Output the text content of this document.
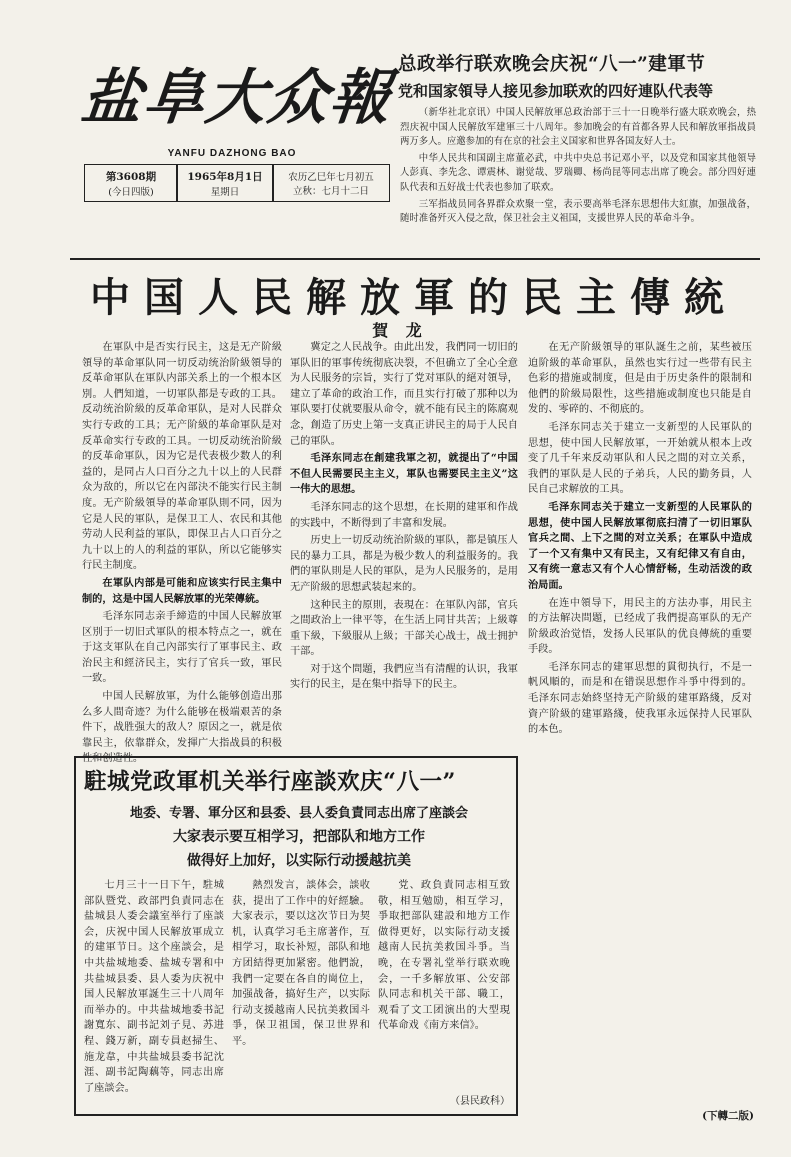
盐阜大众報
YANFU DAZHONG BAO
第3608期
(今日四版)
1965年8月1日
星期日
农历乙巳年七月初五
立秋：七月十二日
总政举行联欢晚会庆祝“八一”建軍节
党和国家領导人接见参加联欢的四好連队代表等

（新华社北京讯）中国人民解放軍总政治部于三十一日晚举行盛大联欢晚会，热烈庆祝中国人民解放军建軍三十八周年。参加晚会的有首都各界人民和解放軍指战員两万多人。应邀参加的有在京的社会主义国家和世界各国友好人士。

中华人民共和国副主席董必武，中共中央总书记邓小平，以及党和国家其他領导人彭真、李先念、谭震林、谢觉哉、罗瑞卿、杨尚昆等同志出席了晚会。部分四好連队代表和五好战士代表也参加了联欢。

三军指战员同各界群众欢聚一堂，表示要高举毛泽东思想伟大紅旗，加强战备，随时准备歼灭入侵之敌，保卫社会主义祖国，支援世界人民的革命斗争。

中国人民解放軍的民主傳統
賀 龙

在軍队中是否实行民主，这是无产阶級領导的革命軍队同一切反动统治阶級領导的反革命軍队在軍队内部关系上的一个根本区別。人們知道，一切軍队都是专政的工具。反动统治阶級的反革命軍队，是对人民群众实行专政的工具；无产阶級的革命軍队是对反革命实行专政的工具。一切反动统治阶級的反革命軍队，因为它是代表极少数人的利益的，是同占人口百分之九十以上的人民群众为敌的，所以它在內部決不能实行民主制度。无产阶級領导的革命軍队則不同，因为它是人民的軍队，是保卫工人、农民和其他劳动人民利益的軍队，即保卫占人口百分之九十以上的人的利益的軍队，所以它能够实行民主制度。

在軍队内部是可能和应该实行民主集中制的，这是中国人民解放軍的光荣傳統。

毛泽东同志亲手締造的中国人民解放軍区別于一切旧式軍队的根本特点之一，就在于这支軍队在自己內部实行了軍事民主、政治民主和經济民主，实行了官兵一致，軍民一致。

中国人民解放軍，为什么能够创造出那么多人間奇迹？为什么能够在极端艰苦的条件下，战胜强大的敌人？原因之一，就是依靠民主，依靠群众，发揮广大指战員的积极性和创造性。

冀定之人民战争。由此出发，我們同一切旧的軍队旧的軍事传统彻底决裂，不但确立了全心全意为人民服务的宗旨，实行了党对軍队的絕对領导，建立了革命的政治工作，而且实行打破了那种以为軍队要打仗就要服从命令，就不能有民主的陈腐观念，創造了历史上第一支真正讲民主的局于人民自己的軍队。

毛泽东同志在創建我軍之初，就提出了“中国不但人民需要民主主义，軍队也需要民主主义”这一伟大的思想。

毛泽东同志的这个思想，在长期的建軍和作战的实践中，不断得到了丰富和发展。

历史上一切反动统治阶級的軍队，都是镇压人民的暴力工具，都是为极少数人的利益服务的。我們的軍队則是人民的軍队，是为人民服务的，是用无产阶級的思想武装起来的。

这种民主的原則，表現在：在軍队內部，官兵之間政治上一律平等，在生活上同甘共苦；上級尊重下級，下級服从上級；干部关心战士，战士拥护干部。

对于这个問題，我們应当有清醒的认识，我軍实行的民主，是在集中指导下的民主。

在无产阶級領导的軍队誕生之前，某些被压迫阶級的革命軍队，虽然也实行过一些带有民主色彩的措施或制度，但是由于历史条件的限制和他們的阶級局限性，这些措施或制度也只能是自发的、零碎的、不彻底的。

毛泽东同志关于建立一支新型的人民軍队的思想，使中国人民解放軍，一开始就从根本上改变了几千年来反动軍队和人民之間的对立关系，我們的軍队是人民的子弟兵，人民的勤务員，人民自己求解放的工具。

毛泽东同志关于建立一支新型的人民軍队的思想，使中国人民解放軍彻底扫清了一切旧軍队官兵之間、上下之間的对立关系；在軍队中造成了一个又有集中又有民主，又有纪律又有自由，又有统一意志又有个人心情舒畅，生动活泼的政治局面。

在连中領导下，用民主的方法办事，用民主的方法解决問題，已经成了我們提高軍队的无产阶級政治觉悟，发扬人民軍队的优良傳統的重要手段。

毛泽东同志的建軍思想的貫彻执行，不是一帆风順的，而是和在错误思想作斗爭中得到的。毛泽东同志始終坚持无产阶級的建軍路綫，反对資产阶級的建軍路綫，使我軍永远保持人民軍队的本色。

(下轉二版)
駐城党政軍机关举行座談欢庆“八一”
地委、专署、軍分区和县委、县人委負責同志出席了座談会
大家表示要互相学习，把部队和地方工作
做得好上加好，以实际行动援越抗美

七月三十一日下午，駐城部队暨党、政部門負責同志在盐城县人委会議室举行了座談会，庆祝中国人民解放軍成立的建軍节日。这个座談会，是中共盐城地委、盐城专署和中共盐城县委、县人委为庆祝中国人民解放軍誕生三十八周年而举办的。中共盐城地委书記謝寬东、副书記刘子見、苏进程、錢万新，副专員赵掃生、施龙韋，中共盐城县委书記沈涯、副书記陶藕等，同志出席了座談会。

熱烈发言，談体会，談收获，提出了工作中的好經驗。大家表示，要以这次节日为契机，认真学习毛主席著作，互相学习，取长补短，部队和地方团結得更加紧密。他們說，我們一定要在各自的崗位上，加强战备，搞好生产，以实际行动支援越南人民抗美救国斗爭，保卫祖国，保卫世界和平。

党、政負責同志相互致敬，相互勉励，相互学习，爭取把部队建設和地方工作做得更好，以实际行动支援越南人民抗美救国斗爭。当晚，在专署礼堂举行联欢晚会，一千多解放軍、公安部队同志和机关干部、職工，观看了文工团演出的大型現代革命戏《南方来信》。

（县民政科）
